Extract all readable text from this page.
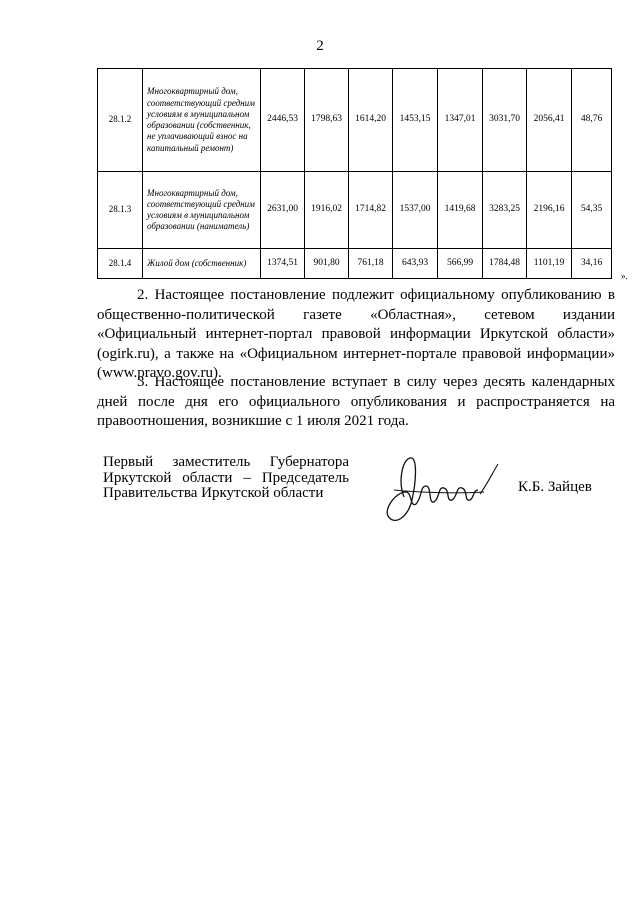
2
28.1.2	Многоквартирный дом, соответствующий средним условиям в муниципальном образовании (собственник, не уплачивающий взнос на капитальный ремонт)	2446,53	1798,63	1614,20	1453,15	1347,01	3031,70	2056,41	48,76
28.1.3	Многоквартирный дом, соответствующий средним условиям в муниципальном образовании (наниматель)	2631,00	1916,02	1714,82	1537,00	1419,68	3283,25	2196,16	54,35
28.1.4	Жилой дом (собственник)	1374,51	901,80	761,18	643,93	566,99	1784,48	1101,19	34,16
».

2. Настоящее постановление подлежит официальному опубликованию в общественно-политической газете «Областная», сетевом издании «Официальный интернет-портал правовой информации Иркутской области» (ogirk.ru), а также на «Официальном интернет-портале правовой информации» (www.pravo.gov.ru).

3. Настоящее постановление вступает в силу через десять календарных дней после дня его официального опубликования и распространяется на правоотношения, возникшие с 1 июля 2021 года.

Первый заместитель Губернатора Иркутской области – Председатель Правительства Иркутской области	К.Б. Зайцев
